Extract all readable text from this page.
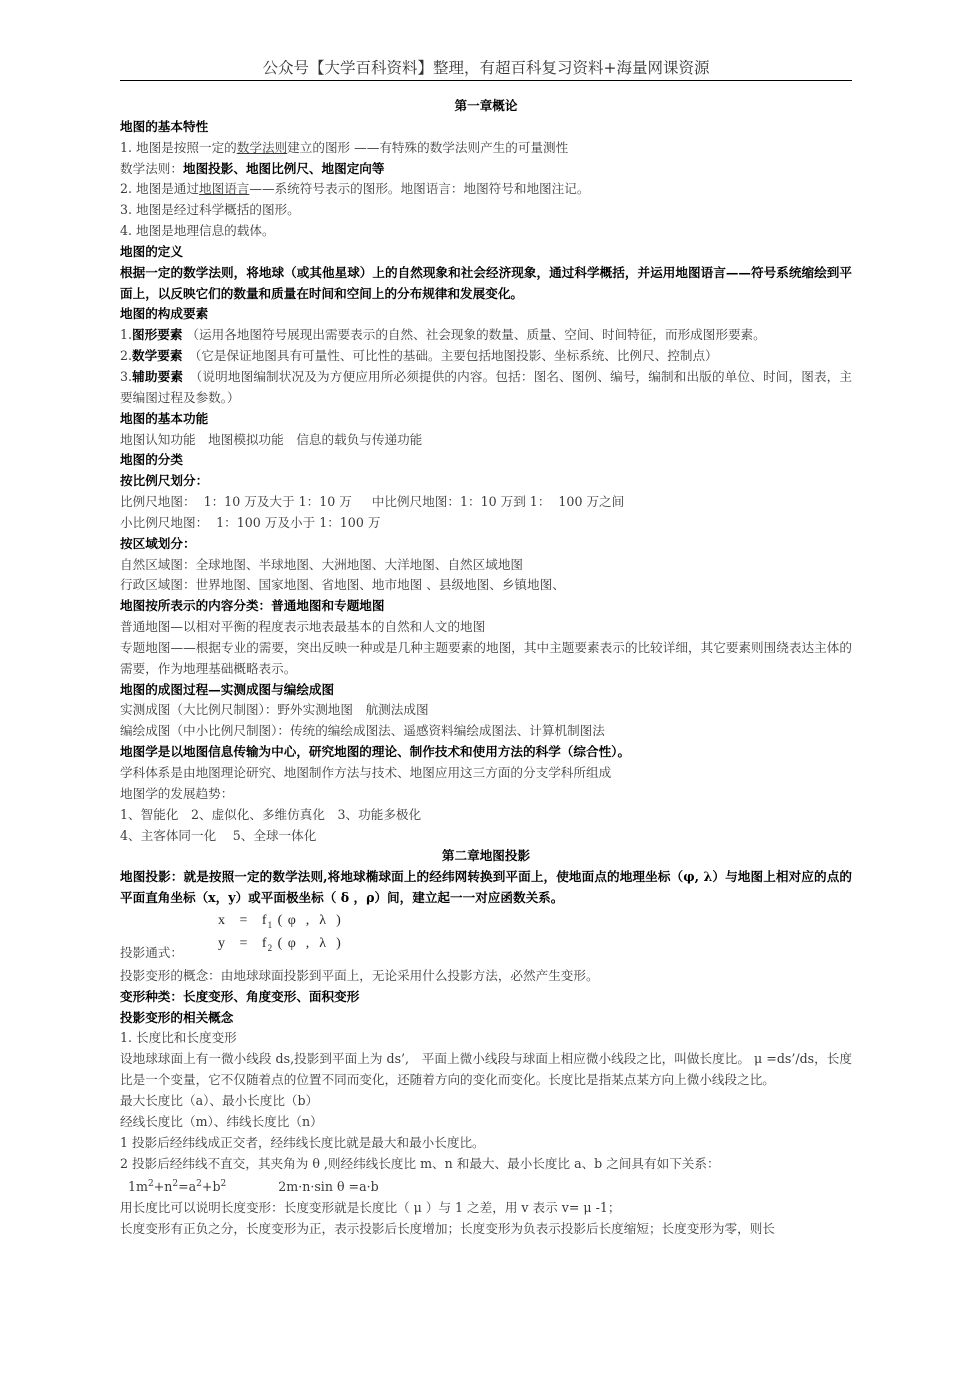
公众号【大学百科资料】整理，有超百科复习资料+海量网课资源

第一章概论

地图的基本特性

1. 地图是按照一定的数学法则建立的图形 ——有特殊的数学法则产生的可量测性

数学法则：地图投影、地图比例尺、地图定向等

2. 地图是通过地图语言——系统符号表示的图形。地图语言：地图符号和地图注记。

3. 地图是经过科学概括的图形。

4. 地图是地理信息的载体。

地图的定义

根据一定的数学法则，将地球（或其他星球）上的自然现象和社会经济现象，通过科学概括，并运用地图语言——符号系统缩绘到平面上，以反映它们的数量和质量在时间和空间上的分布规律和发展变化。

地图的构成要素

1.图形要素 （运用各地图符号展现出需要表示的自然、社会现象的数量、质量、空间、时间特征，而形成图形要素。

2.数学要素　 （它是保证地图具有可量性、可比性的基础。主要包括地图投影、坐标系统、比例尺、控制点）

3.辅助要素　 （说明地图编制状况及为方便应用所必须提供的内容。包括：图名、图例、编号，编制和出版的单位、时间，图表，主要编图过程及参数。）

地图的基本功能

地图认知功能　地图模拟功能　信息的载负与传递功能

地图的分类

按比例尺划分：

比例尺地图：  1：10 万及大于 1：10 万     中比例尺地图：1：10 万到 1：  100 万之间

小比例尺地图：  1：100 万及小于 1：100 万

按区域划分：

自然区域图：全球地图、半球地图、大洲地图、大洋地图、自然区域地图

行政区域图：世界地图、国家地图、省地图、地市地图 、县级地图、乡镇地图、

地图按所表示的内容分类：普通地图和专题地图

普通地图—以相对平衡的程度表示地表最基本的自然和人文的地图

专题地图——根据专业的需要，突出反映一种或是几种主题要素的地图，其中主题要素表示的比较详细，其它要素则围绕表达主体的需要，作为地理基础概略表示。

地图的成图过程—实测成图与编绘成图

实测成图（大比例尺制图）：野外实测地图　航测法成图

编绘成图（中小比例尺制图）：传统的编绘成图法、遥感资料编绘成图法、计算机制图法

地图学是以地图信息传输为中心，研究地图的理论、制作技术和使用方法的科学（综合性）。

学科体系是由地图理论研究、地图制作方法与技术、地图应用这三方面的分支学科所组成

地图学的发展趋势：

1、智能化　2、虚似化、多维仿真化　3、功能多极化

4、主客体同一化　 5、全球一体化

第二章地图投影

地图投影：就是按照一定的数学法则,将地球椭球面上的经纬网转换到平面上，使地面点的地理坐标（φ, λ）与地图上相对应的点的平面直角坐标（x，y）或平面极坐标（ δ ，ρ）间，建立起一一对应函数关系。

$x = f_1$ ( φ  ,  λ  )
$y = f_2$ ( φ  ,  λ  )
投影通式：

投影变形的概念：由地球球面投影到平面上，无论采用什么投影方法，必然产生变形。

变形种类：长度变形、角度变形、面积变形

投影变形的相关概念

1. 长度比和长度变形

设地球球面上有一微小线段 ds,投影到平面上为 ds’,　平面上微小线段与球面上相应微小线段之比，叫做长度比。 μ =ds’/ds，长度比是一个变量，它不仅随着点的位置不同而变化，还随着方向的变化而变化。长度比是指某点某方向上微小线段之比。

最大长度比（a）、最小长度比（b）

经线长度比（m）、纬线长度比（n）

1 投影后经纬线成正交者，经纬线长度比就是最大和最小长度比。

2 投影后经纬线不直交，其夹角为 θ ,则经纬线长度比 m、n 和最大、最小长度比 a、b 之间具有如下关系：

$1m^2+n^2=a^2+b^2$	2m·n·sin θ =a·b

用长度比可以说明长度变形：长度变形就是长度比（ μ ）与 1 之差，用 v 表示 v= μ -1；

长度变形有正负之分，长度变形为正，表示投影后长度增加；长度变形为负表示投影后长度缩短；长度变形为零，则长
